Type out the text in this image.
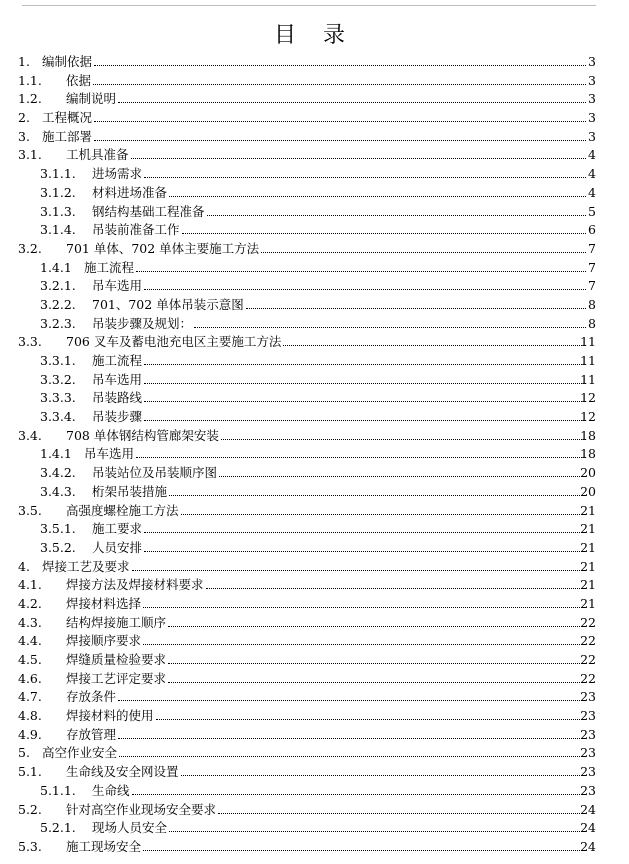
目 录
1. 编制依据	3
1.1. 依据	3
1.2. 编制说明	3
2. 工程概况	3
3. 施工部署	3
3.1. 工机具准备	4
3.1.1. 进场需求	4
3.1.2. 材料进场准备	4
3.1.3. 钢结构基础工程准备	5
3.1.4. 吊装前准备工作	6
3.2. 701 单体、702 单体主要施工方法	7
1.4.1 施工流程	7
3.2.1. 吊车选用	7
3.2.2. 701、702 单体吊装示意图	8
3.2.3. 吊装步骤及规划：	8
3.3. 706 叉车及蓄电池充电区主要施工方法	11
3.3.1. 施工流程	11
3.3.2. 吊车选用	11
3.3.3. 吊装路线	12
3.3.4. 吊装步骤	12
3.4. 708 单体钢结构管廊架安装	18
1.4.1 吊车选用	18
3.4.2. 吊装站位及吊装顺序图	20
3.4.3. 桁架吊装措施	20
3.5. 高强度螺栓施工方法	21
3.5.1. 施工要求	21
3.5.2. 人员安排	21
4. 焊接工艺及要求	21
4.1. 焊接方法及焊接材料要求	21
4.2. 焊接材料选择	21
4.3. 结构焊接施工顺序	22
4.4. 焊接顺序要求	22
4.5. 焊缝质量检验要求	22
4.6. 焊接工艺评定要求	22
4.7. 存放条件	23
4.8. 焊接材料的使用	23
4.9. 存放管理	23
5. 高空作业安全	23
5.1. 生命线及安全网设置	23
5.1.1. 生命线	23
5.2. 针对高空作业现场安全要求	24
5.2.1. 现场人员安全	24
5.3. 施工现场安全	24
